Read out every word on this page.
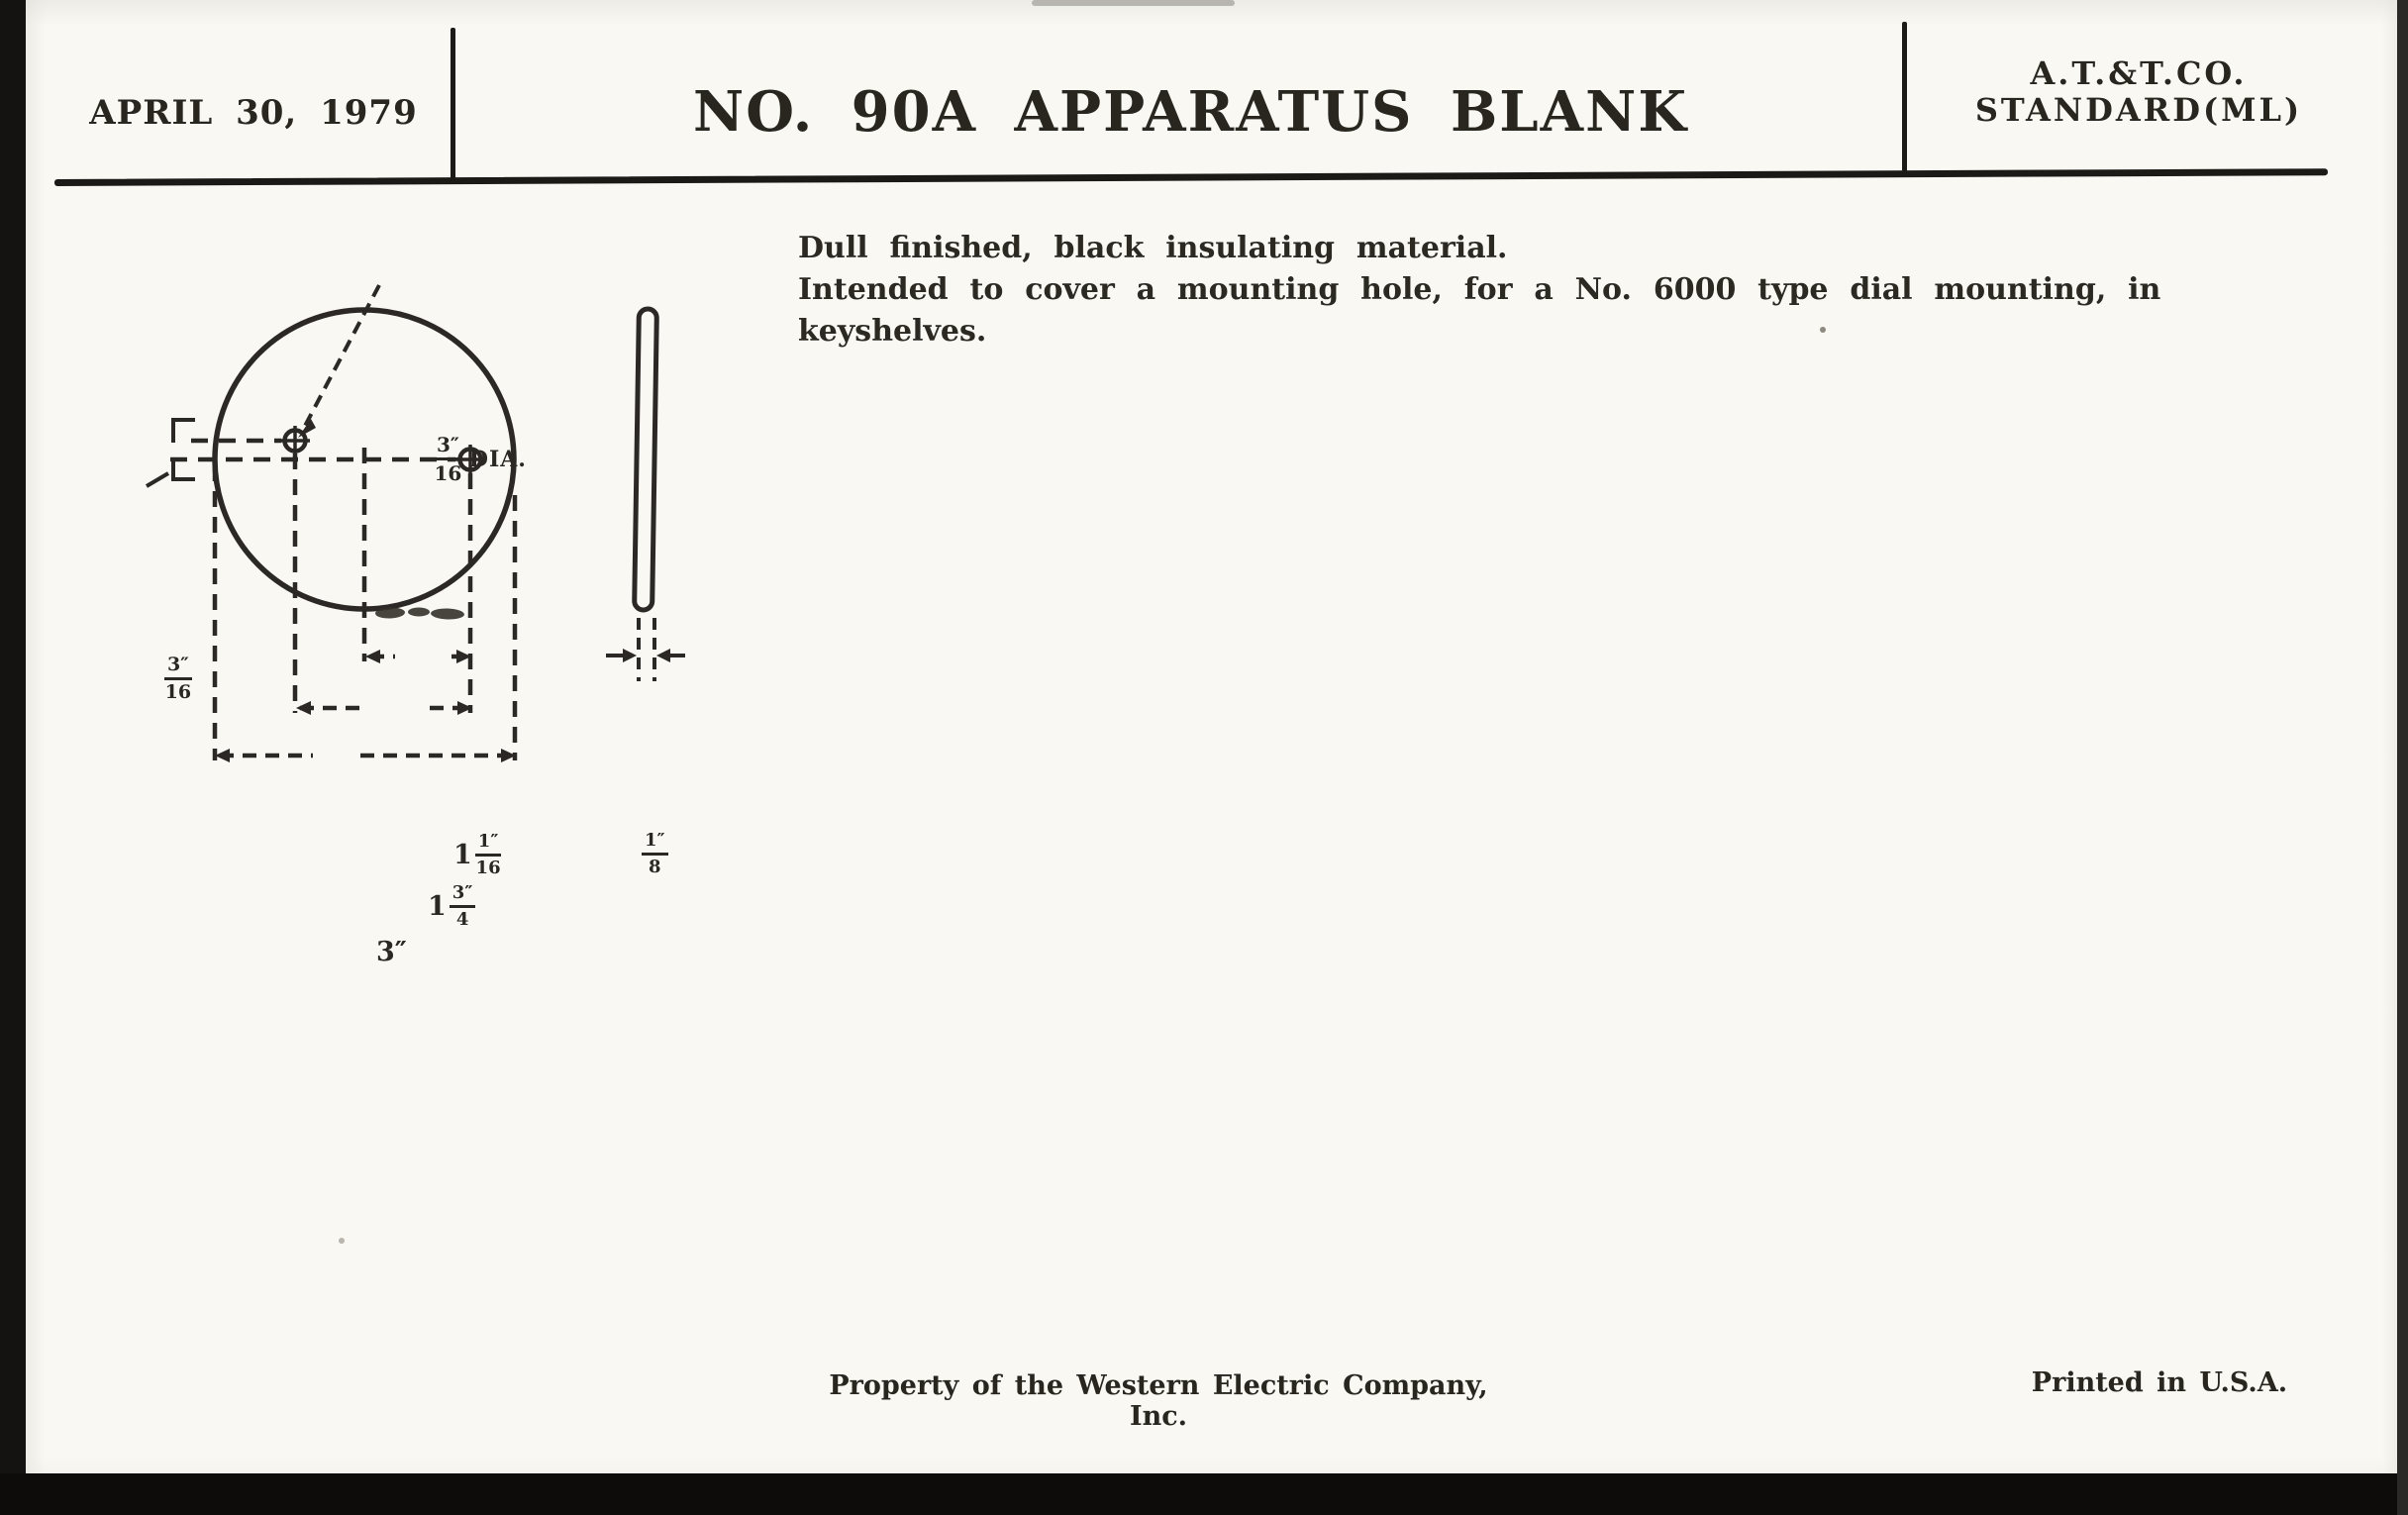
APRIL 30, 1979	NO. 90A APPARATUS BLANK
A.T.&T.CO.
STANDARD(ML)

Dull finished, black insulating material.

Intended to cover a mounting hole, for a No. 6000 type dial mounting, in keyshelves.

$\frac{3''}{16}$ DIA.
$\frac{3''}{16}$
$1 \frac{1''}{16}$
$1 \frac{3''}{4}$
3″
$\frac{1''}{8}$
Property of the Western Electric Company, Inc.
Printed in U.S.A.
